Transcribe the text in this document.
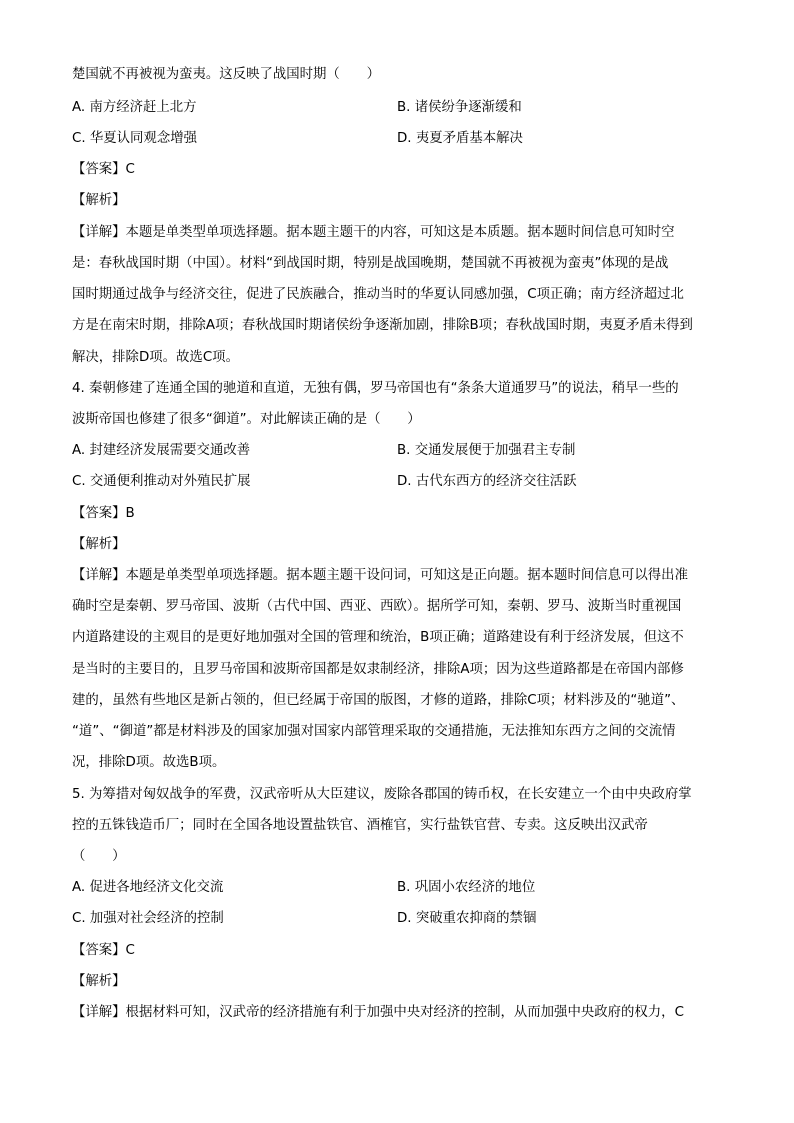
楚国就不再被视为蛮夷。这反映了战国时期（　　）
A. 南方经济赶上北方	B. 诸侯纷争逐渐缓和
C. 华夏认同观念增强	D. 夷夏矛盾基本解决
【答案】C
【解析】
【详解】本题是单类型单项选择题。据本题主题干的内容，可知这是本质题。据本题时间信息可知时空
是：春秋战国时期（中国）。材料“到战国时期，特别是战国晚期，楚国就不再被视为蛮夷”体现的是战
国时期通过战争与经济交往，促进了民族融合，推动当时的华夏认同感加强，C项正确；南方经济超过北
方是在南宋时期，排除A项；春秋战国时期诸侯纷争逐渐加剧，排除B项；春秋战国时期，夷夏矛盾未得到
解决，排除D项。故选C项。
4. 秦朝修建了连通全国的驰道和直道，无独有偶，罗马帝国也有“条条大道通罗马”的说法，稍早一些的
波斯帝国也修建了很多“御道”。对此解读正确的是（　　）
A. 封建经济发展需要交通改善	B. 交通发展便于加强君主专制
C. 交通便利推动对外殖民扩展	D. 古代东西方的经济交往活跃
【答案】B
【解析】
【详解】本题是单类型单项选择题。据本题主题干设问词，可知这是正向题。据本题时间信息可以得出准
确时空是秦朝、罗马帝国、波斯（古代中国、西亚、西欧）。据所学可知，秦朝、罗马、波斯当时重视国
内道路建设的主观目的是更好地加强对全国的管理和统治，B项正确；道路建设有利于经济发展，但这不
是当时的主要目的，且罗马帝国和波斯帝国都是奴隶制经济，排除A项；因为这些道路都是在帝国内部修
建的，虽然有些地区是新占领的，但已经属于帝国的版图，才修的道路，排除C项；材料涉及的“驰道”、
“道”、“御道”都是材料涉及的国家加强对国家内部管理采取的交通措施，无法推知东西方之间的交流情
况，排除D项。故选B项。
5. 为筹措对匈奴战争的军费，汉武帝听从大臣建议，废除各郡国的铸币权，在长安建立一个由中央政府掌
控的五铢钱造币厂；同时在全国各地设置盐铁官、酒榷官，实行盐铁官营、专卖。这反映出汉武帝
（　　）
A. 促进各地经济文化交流	B. 巩固小农经济的地位
C. 加强对社会经济的控制	D. 突破重农抑商的禁锢
【答案】C
【解析】
【详解】根据材料可知，汉武帝的经济措施有利于加强中央对经济的控制，从而加强中央政府的权力，C
